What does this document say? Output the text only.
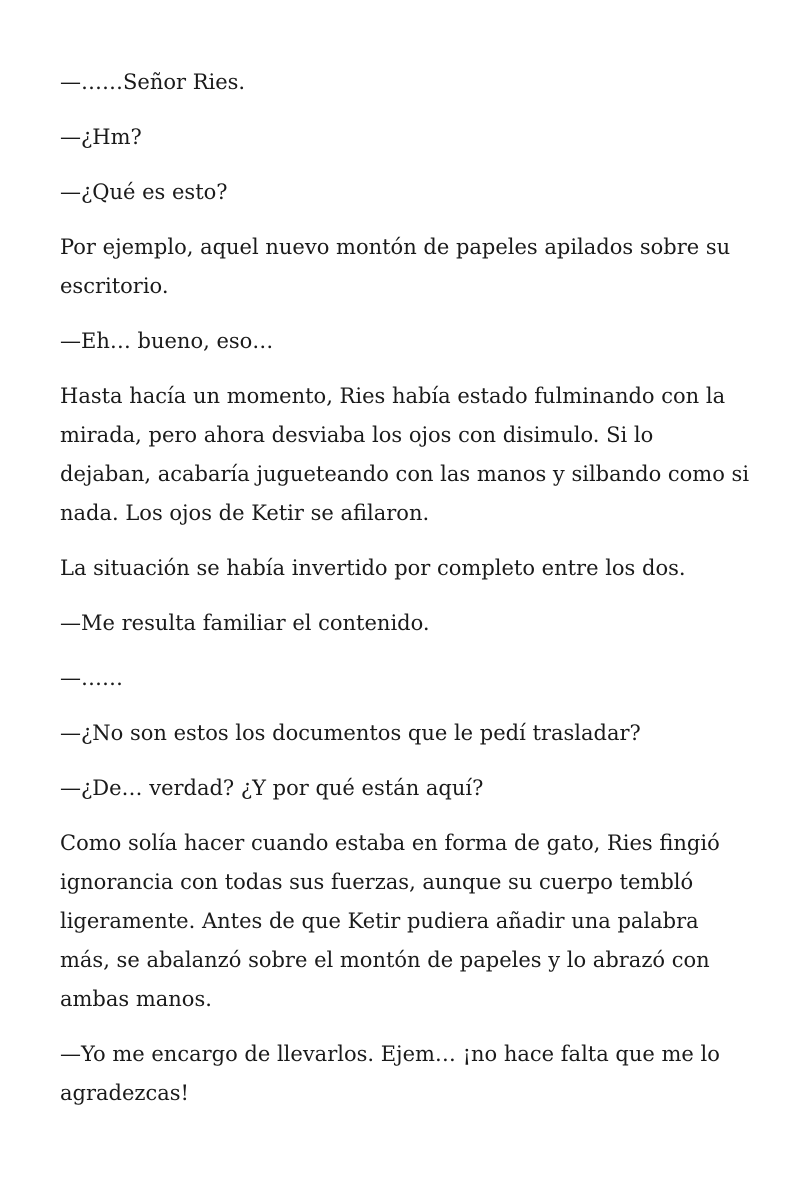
—……Señor Ries.

—¿Hm?

—¿Qué es esto?

Por ejemplo, aquel nuevo montón de papeles apilados sobre su escritorio.

—Eh… bueno, eso…

Hasta hacía un momento, Ries había estado fulminando con la mirada, pero ahora desviaba los ojos con disimulo. Si lo dejaban, acabaría jugueteando con las manos y silbando como si nada. Los ojos de Ketir se afilaron.

La situación se había invertido por completo entre los dos.

—Me resulta familiar el contenido.

—……

—¿No son estos los documentos que le pedí trasladar?

—¿De… verdad? ¿Y por qué están aquí?

Como solía hacer cuando estaba en forma de gato, Ries fingió ignorancia con todas sus fuerzas, aunque su cuerpo tembló ligeramente. Antes de que Ketir pudiera añadir una palabra más, se abalanzó sobre el montón de papeles y lo abrazó con ambas manos.

—Yo me encargo de llevarlos. Ejem… ¡no hace falta que me lo agradezcas!
